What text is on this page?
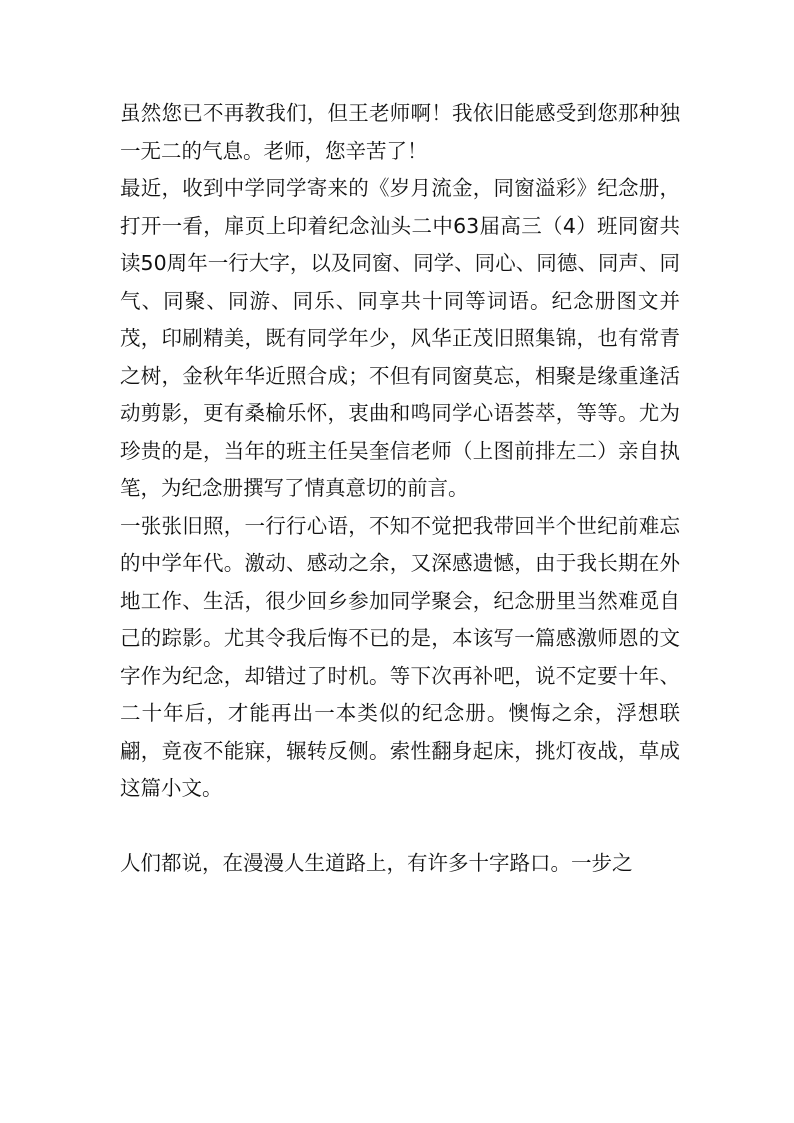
虽然您已不再教我们，但王老师啊！我依旧能感受到您那种独一无二的气息。老师，您辛苦了！

最近，收到中学同学寄来的《岁月流金，同窗溢彩》纪念册，打开一看，扉页上印着纪念汕头二中63届高三（4）班同窗共读50周年一行大字，以及同窗、同学、同心、同德、同声、同气、同聚、同游、同乐、同享共十同等词语。纪念册图文并茂，印刷精美，既有同学年少，风华正茂旧照集锦，也有常青之树，金秋年华近照合成；不但有同窗莫忘，相聚是缘重逢活动剪影，更有桑榆乐怀，衷曲和鸣同学心语荟萃，等等。尤为珍贵的是，当年的班主任吴奎信老师（上图前排左二）亲自执笔，为纪念册撰写了情真意切的前言。

一张张旧照，一行行心语，不知不觉把我带回半个世纪前难忘的中学年代。激动、感动之余，又深感遗憾，由于我长期在外地工作、生活，很少回乡参加同学聚会，纪念册里当然难觅自己的踪影。尤其令我后悔不已的是，本该写一篇感激师恩的文字作为纪念，却错过了时机。等下次再补吧，说不定要十年、二十年后，才能再出一本类似的纪念册。懊悔之余，浮想联翩，竟夜不能寐，辗转反侧。索性翻身起床，挑灯夜战，草成这篇小文。

人们都说，在漫漫人生道路上，有许多十字路口。一步之
